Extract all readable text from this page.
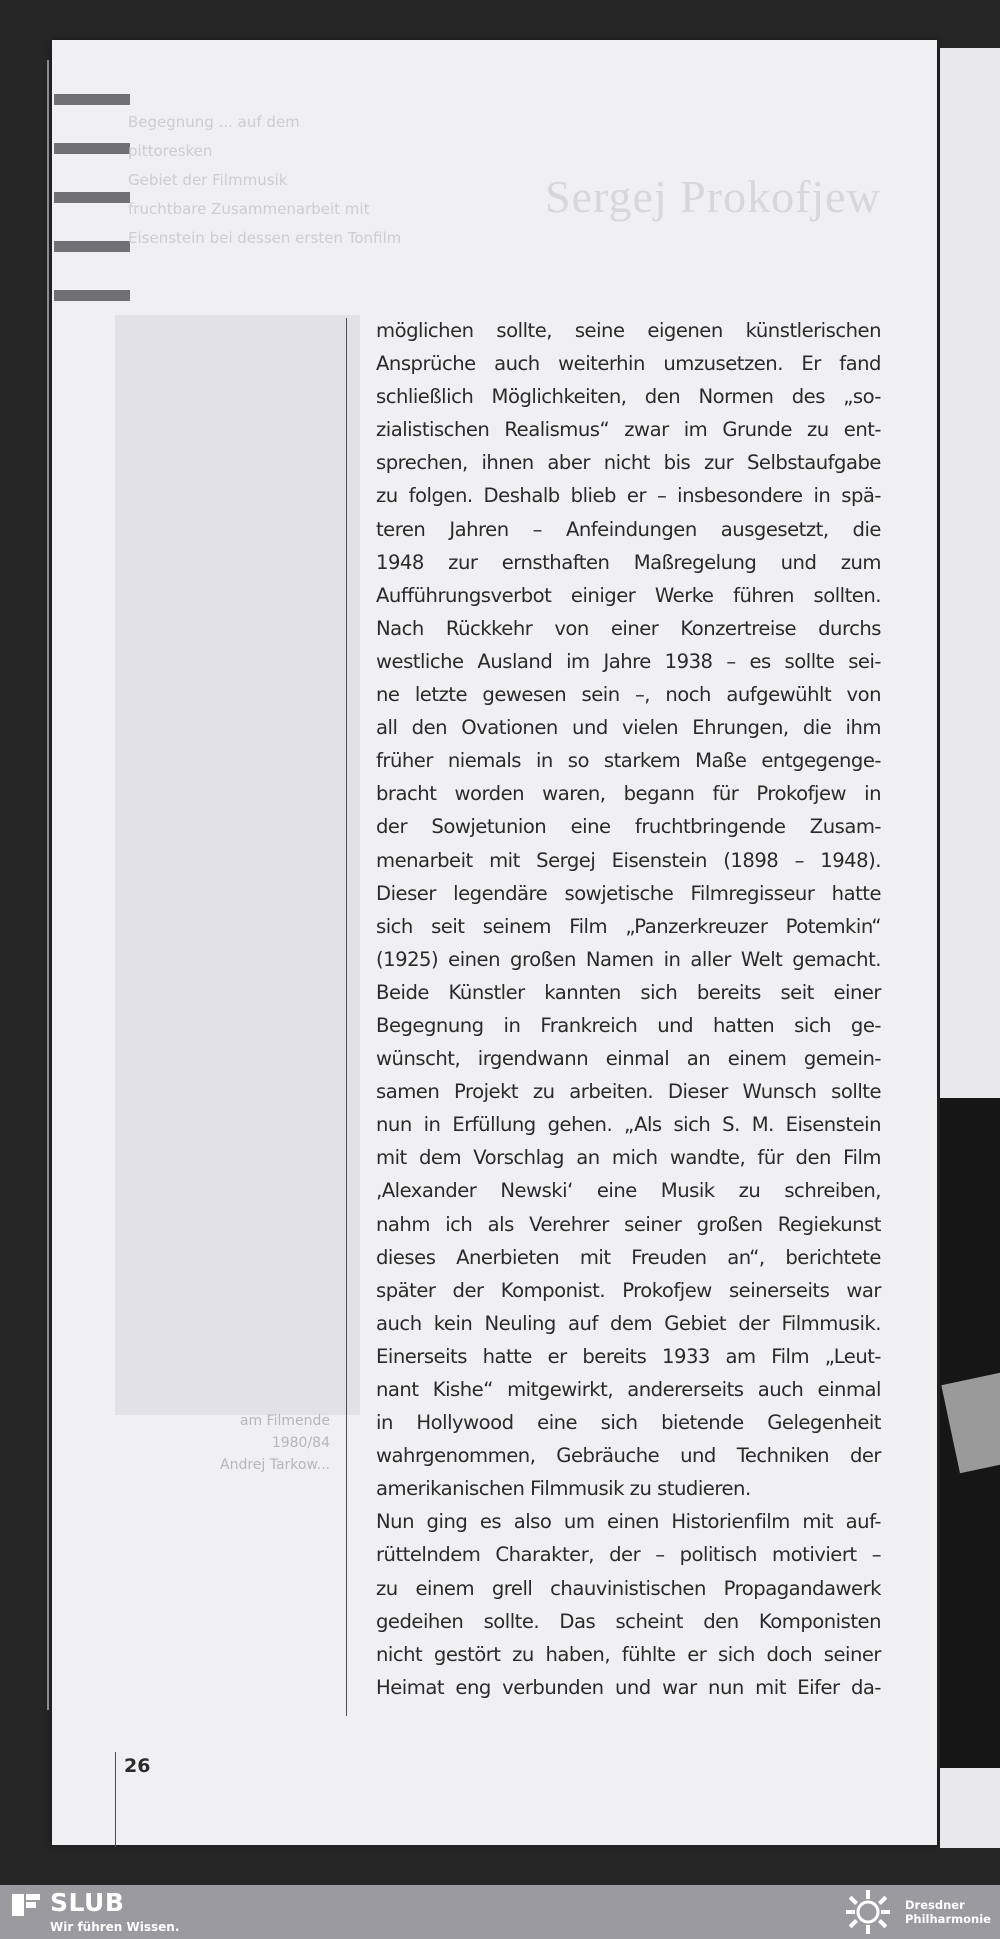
Begegnung ... auf dem
pittoresken
Gebiet der Filmmusik
fruchtbare Zusammenarbeit mit
Eisenstein bei dessen ersten Tonfilm
Sergej Prokofjew
am Filmende
1980/84
Andrej Tarkow...
möglichen sollte, seine eigenen künstlerischen
Ansprüche auch weiterhin umzusetzen. Er fand
schließlich Möglichkeiten, den Normen des „so-
zialistischen Realismus“ zwar im Grunde zu ent-
sprechen, ihnen aber nicht bis zur Selbstaufgabe
zu folgen. Deshalb blieb er – insbesondere in spä-
teren Jahren – Anfeindungen ausgesetzt, die
1948 zur ernsthaften Maßregelung und zum
Aufführungsverbot einiger Werke führen sollten.
Nach Rückkehr von einer Konzertreise durchs
westliche Ausland im Jahre 1938 – es sollte sei-
ne letzte gewesen sein –, noch aufgewühlt von
all den Ovationen und vielen Ehrungen, die ihm
früher niemals in so starkem Maße entgegenge-
bracht worden waren, begann für Prokofjew in
der Sowjetunion eine fruchtbringende Zusam-
menarbeit mit Sergej Eisenstein (1898 – 1948).
Dieser legendäre sowjetische Filmregisseur hatte
sich seit seinem Film „Panzerkreuzer Potemkin“
(1925) einen großen Namen in aller Welt gemacht.
Beide Künstler kannten sich bereits seit einer
Begegnung in Frankreich und hatten sich ge-
wünscht, irgendwann einmal an einem gemein-
samen Projekt zu arbeiten. Dieser Wunsch sollte
nun in Erfüllung gehen. „Als sich S. M. Eisenstein
mit dem Vorschlag an mich wandte, für den Film
‚Alexander Newski‘ eine Musik zu schreiben,
nahm ich als Verehrer seiner großen Regiekunst
dieses Anerbieten mit Freuden an“, berichtete
später der Komponist. Prokofjew seinerseits war
auch kein Neuling auf dem Gebiet der Filmmusik.
Einerseits hatte er bereits 1933 am Film „Leut-
nant Kishe“ mitgewirkt, andererseits auch einmal
in Hollywood eine sich bietende Gelegenheit
wahrgenommen, Gebräuche und Techniken der
amerikanischen Filmmusik zu studieren.
Nun ging es also um einen Historienfilm mit auf-
rüttelndem Charakter, der – politisch motiviert –
zu einem grell chauvinistischen Propagandawerk
gedeihen sollte. Das scheint den Komponisten
nicht gestört zu haben, fühlte er sich doch seiner
Heimat eng verbunden und war nun mit Eifer da-
26
SLUB
Wir führen Wissen.
Dresdner
Philharmonie
